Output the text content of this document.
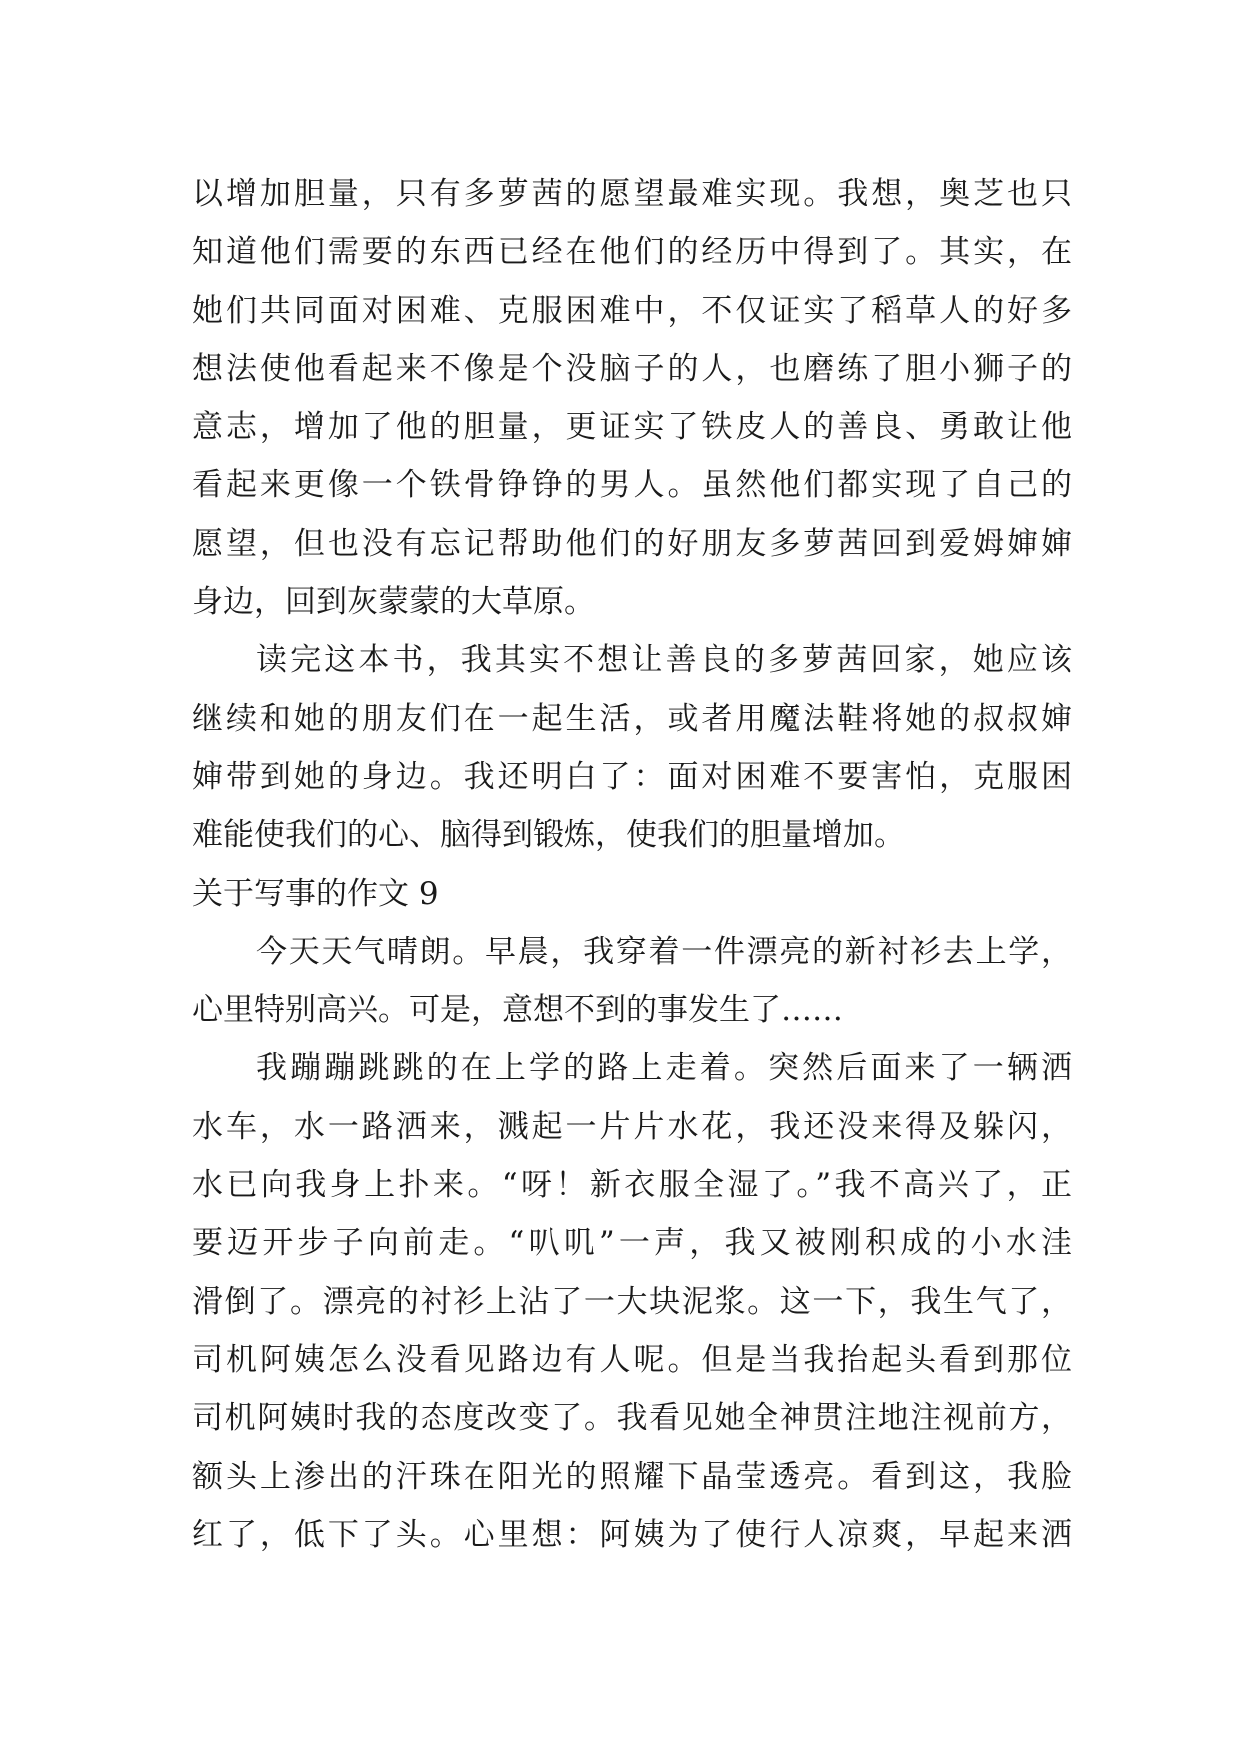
以增加胆量，只有多萝茜的愿望最难实现。我想，奥芝也只
知道他们需要的东西已经在他们的经历中得到了。其实，在
她们共同面对困难、克服困难中，不仅证实了稻草人的好多
想法使他看起来不像是个没脑子的人，也磨练了胆小狮子的
意志，增加了他的胆量，更证实了铁皮人的善良、勇敢让他
看起来更像一个铁骨铮铮的男人。虽然他们都实现了自己的
愿望，但也没有忘记帮助他们的好朋友多萝茜回到爱姆婶婶
身边，回到灰蒙蒙的大草原。
读完这本书，我其实不想让善良的多萝茜回家，她应该
继续和她的朋友们在一起生活，或者用魔法鞋将她的叔叔婶
婶带到她的身边。我还明白了：面对困难不要害怕，克服困
难能使我们的心、脑得到锻炼，使我们的胆量增加。
关于写事的作文 9
今天天气晴朗。早晨，我穿着一件漂亮的新衬衫去上学，
心里特别高兴。可是，意想不到的事发生了……
我蹦蹦跳跳的在上学的路上走着。突然后面来了一辆洒
水车，水一路洒来，溅起一片片水花，我还没来得及躲闪，
水已向我身上扑来。“呀！新衣服全湿了。”我不高兴了，正
要迈开步子向前走。“叭叽”一声，我又被刚积成的小水洼
滑倒了。漂亮的衬衫上沾了一大块泥浆。这一下，我生气了，
司机阿姨怎么没看见路边有人呢。但是当我抬起头看到那位
司机阿姨时我的态度改变了。我看见她全神贯注地注视前方，
额头上渗出的汗珠在阳光的照耀下晶莹透亮。看到这，我脸
红了，低下了头。心里想：阿姨为了使行人凉爽，早起来洒
